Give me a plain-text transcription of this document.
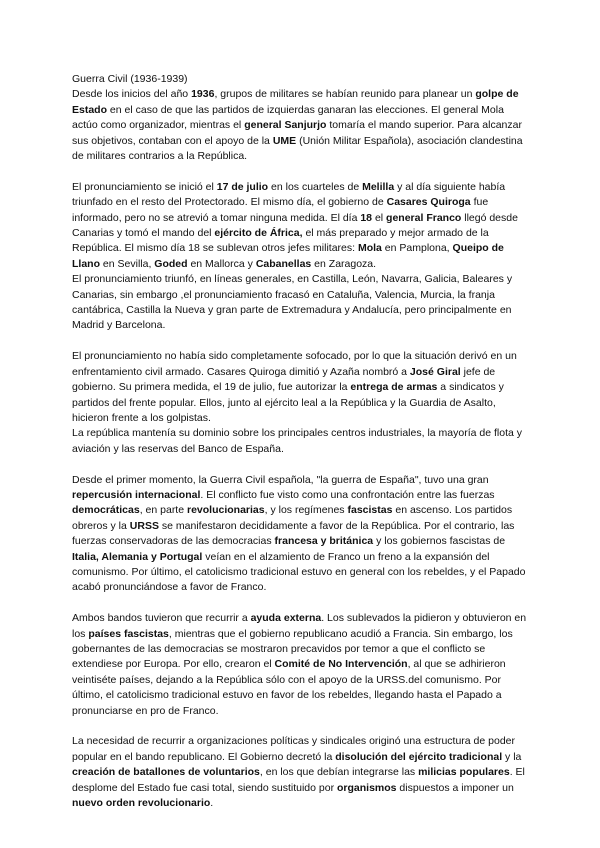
Guerra Civil (1936-1939)

Desde los inicios del año 1936, grupos de militares se habían reunido para planear un golpe de Estado en el caso de que las partidos de izquierdas ganaran las elecciones. El general Mola actúo como organizador, mientras el general Sanjurjo tomaría el mando superior. Para alcanzar sus objetivos, contaban con el apoyo de la UME (Unión Militar Española), asociación clandestina de militares contrarios a la República.

El pronunciamiento se inició el 17 de julio en los cuarteles de Melilla y al día siguiente había triunfado en el resto del Protectorado. El mismo día, el gobierno de Casares Quiroga fue informado, pero no se atrevió a tomar ninguna medida. El día 18 el general Franco llegó desde Canarias y tomó el mando del ejército de África, el más preparado y mejor armado de la República. El mismo día 18 se sublevan otros jefes militares: Mola en Pamplona, Queipo de Llano en Sevilla, Goded en Mallorca y Cabanellas en Zaragoza.
El pronunciamiento triunfó, en líneas generales, en Castilla, León, Navarra, Galicia, Baleares y Canarias, sin embargo ,el pronunciamiento fracasó en Cataluña, Valencia, Murcia, la franja cantábrica, Castilla la Nueva y gran parte de Extremadura y Andalucía, pero principalmente en Madrid y Barcelona.

El pronunciamiento no había sido completamente sofocado, por lo que la situación derivó en un enfrentamiento civil armado. Casares Quiroga dimitió y Azaña nombró a José Giral jefe de gobierno. Su primera medida, el 19 de julio, fue autorizar la entrega de armas a sindicatos y partidos del frente popular. Ellos, junto al ejército leal a la República y la Guardia de Asalto, hicieron frente a los golpistas.
La república mantenía su dominio sobre los principales centros industriales, la mayoría de flota y aviación y las reservas del Banco de España.

Desde el primer momento, la Guerra Civil española, "la guerra de España", tuvo una gran repercusión internacional. El conflicto fue visto como una confrontación entre las fuerzas democráticas, en parte revolucionarias, y los regímenes fascistas en ascenso. Los partidos obreros y la URSS se manifestaron decididamente a favor de la República. Por el contrario, las fuerzas conservadoras de las democracias francesa y británica y los gobiernos fascistas de Italia, Alemania y Portugal veían en el alzamiento de Franco un freno a la expansión del comunismo. Por último, el catolicismo tradicional estuvo en general con los rebeldes, y el Papado acabó pronunciándose a favor de Franco.

Ambos bandos tuvieron que recurrir a ayuda externa. Los sublevados la pidieron y obtuvieron en los países fascistas, mientras que el gobierno republicano acudió a Francia. Sin embargo, los gobernantes de las democracias se mostraron precavidos por temor a que el conflicto se extendiese por Europa. Por ello, crearon el Comité de No Intervención, al que se adhirieron veintiséte países, dejando a la República sólo con el apoyo de la URSS.del comunismo. Por último, el catolicismo tradicional estuvo en favor de los rebeldes, llegando hasta el Papado a pronunciarse en pro de Franco.

La necesidad de recurrir a organizaciones políticas y sindicales originó una estructura de poder popular en el bando republicano. El Gobierno decretó la disolución del ejército tradicional y la creación de batallones de voluntarios, en los que debían integrarse las milicias populares. El desplome del Estado fue casi total, siendo sustituido por organismos dispuestos a imponer un nuevo orden revolucionario.
